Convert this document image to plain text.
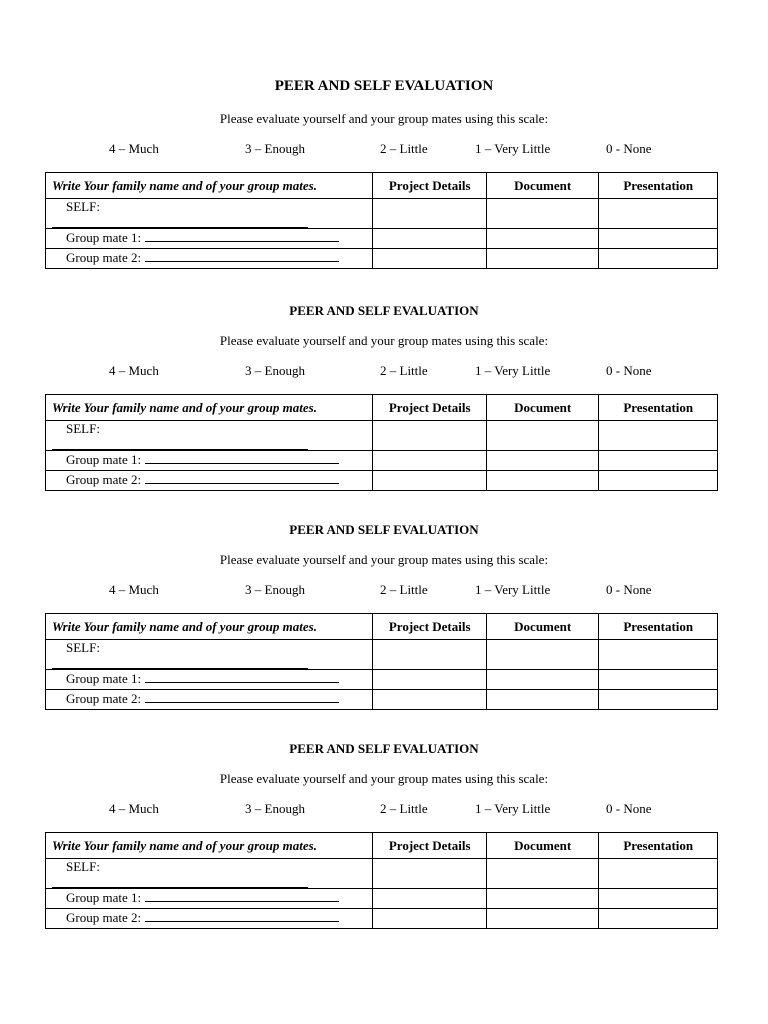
PEER AND SELF EVALUATION

Please evaluate yourself and your group mates using this scale:

4 – Much	3 – Enough	2 – Little	1 – Very Little	0 - None
Write Your family name and of your group mates.	Project Details	Document	Presentation

SELF:			

Group mate 1:			

Group mate 2:			

PEER AND SELF EVALUATION

Please evaluate yourself and your group mates using this scale:

4 – Much	3 – Enough	2 – Little	1 – Very Little	0 - None
Write Your family name and of your group mates.	Project Details	Document	Presentation

SELF:			

Group mate 1:			

Group mate 2:			

PEER AND SELF EVALUATION

Please evaluate yourself and your group mates using this scale:

4 – Much	3 – Enough	2 – Little	1 – Very Little	0 - None
Write Your family name and of your group mates.	Project Details	Document	Presentation

SELF:			

Group mate 1:			

Group mate 2:			

PEER AND SELF EVALUATION

Please evaluate yourself and your group mates using this scale:

4 – Much	3 – Enough	2 – Little	1 – Very Little	0 - None
Write Your family name and of your group mates.	Project Details	Document	Presentation

SELF:			

Group mate 1:			

Group mate 2:			
